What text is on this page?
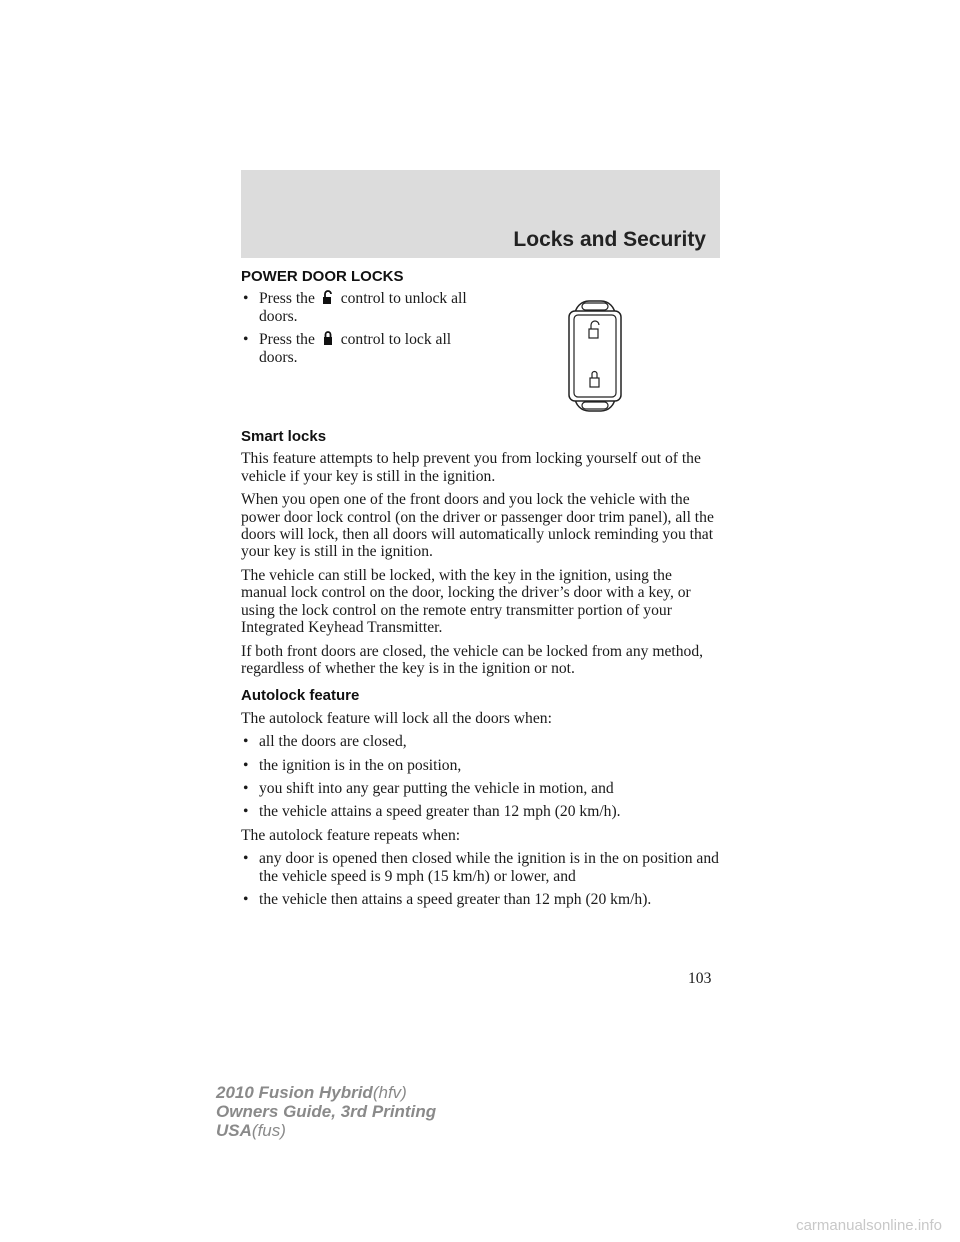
Locks and Security
POWER DOOR LOCKS
• Press the control to unlock all doors.
• Press the control to lock all doors.
Smart locks

This feature attempts to help prevent you from locking yourself out of the vehicle if your key is still in the ignition.

When you open one of the front doors and you lock the vehicle with the power door lock control (on the driver or passenger door trim panel), all the doors will lock, then all doors will automatically unlock reminding you that your key is still in the ignition.

The vehicle can still be locked, with the key in the ignition, using the manual lock control on the door, locking the driver’s door with a key, or using the lock control on the remote entry transmitter portion of your Integrated Keyhead Transmitter.

If both front doors are closed, the vehicle can be locked from any method, regardless of whether the key is in the ignition or not.

Autolock feature

The autolock feature will lock all the doors when:

• all the doors are closed,
• the ignition is in the on position,
• you shift into any gear putting the vehicle in motion, and
• the vehicle attains a speed greater than 12 mph (20 km/h).

The autolock feature repeats when:

• any door is opened then closed while the ignition is in the on position and the vehicle speed is 9 mph (15 km/h) or lower, and
• the vehicle then attains a speed greater than 12 mph (20 km/h).
103
2010 Fusion Hybrid(hfv)
Owners Guide, 3rd Printing
USA(fus)
carmanualsonline.info
